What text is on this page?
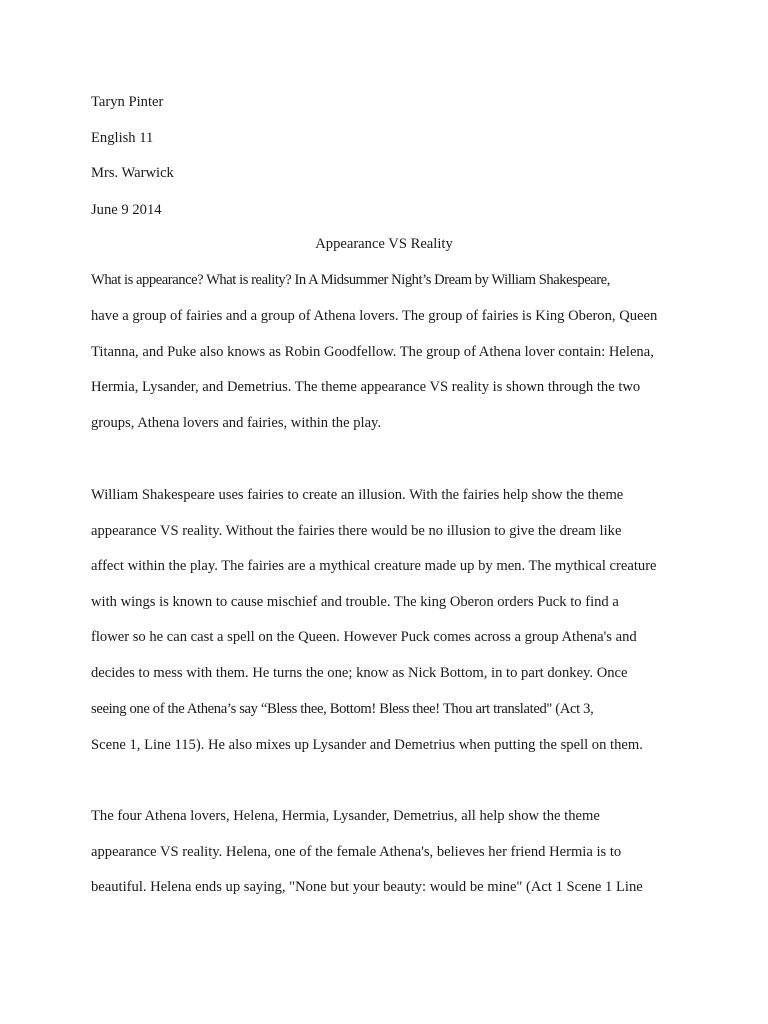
Taryn Pinter
English 11
Mrs. Warwick
June 9 2014
Appearance VS Reality
What is appearance? What is reality? In A Midsummer Night’s Dream by William Shakespeare,
have a group of fairies and a group of Athena lovers. The group of fairies is King Oberon, Queen
Titanna, and Puke also knows as Robin Goodfellow. The group of Athena lover contain: Helena,
Hermia, Lysander, and Demetrius. The theme appearance VS reality is shown through the two
groups, Athena lovers and fairies, within the play.
William Shakespeare uses fairies to create an illusion. With the fairies help show the theme
appearance VS reality. Without the fairies there would be no illusion to give the dream like
affect within the play. The fairies are a mythical creature made up by men. The mythical creature
with wings is known to cause mischief and trouble. The king Oberon orders Puck to find a
flower so he can cast a spell on the Queen. However Puck comes across a group Athena's and
decides to mess with them. He turns the one; know as Nick Bottom, in to part donkey. Once
seeing one of the Athena’s say “Bless thee, Bottom! Bless thee! Thou art translated" (Act 3,
Scene 1, Line 115). He also mixes up Lysander and Demetrius when putting the spell on them.
The four Athena lovers, Helena, Hermia, Lysander, Demetrius, all help show the theme
appearance VS reality. Helena, one of the female Athena's, believes her friend Hermia is to
beautiful. Helena ends up saying, "None but your beauty: would be mine" (Act 1 Scene 1 Line
